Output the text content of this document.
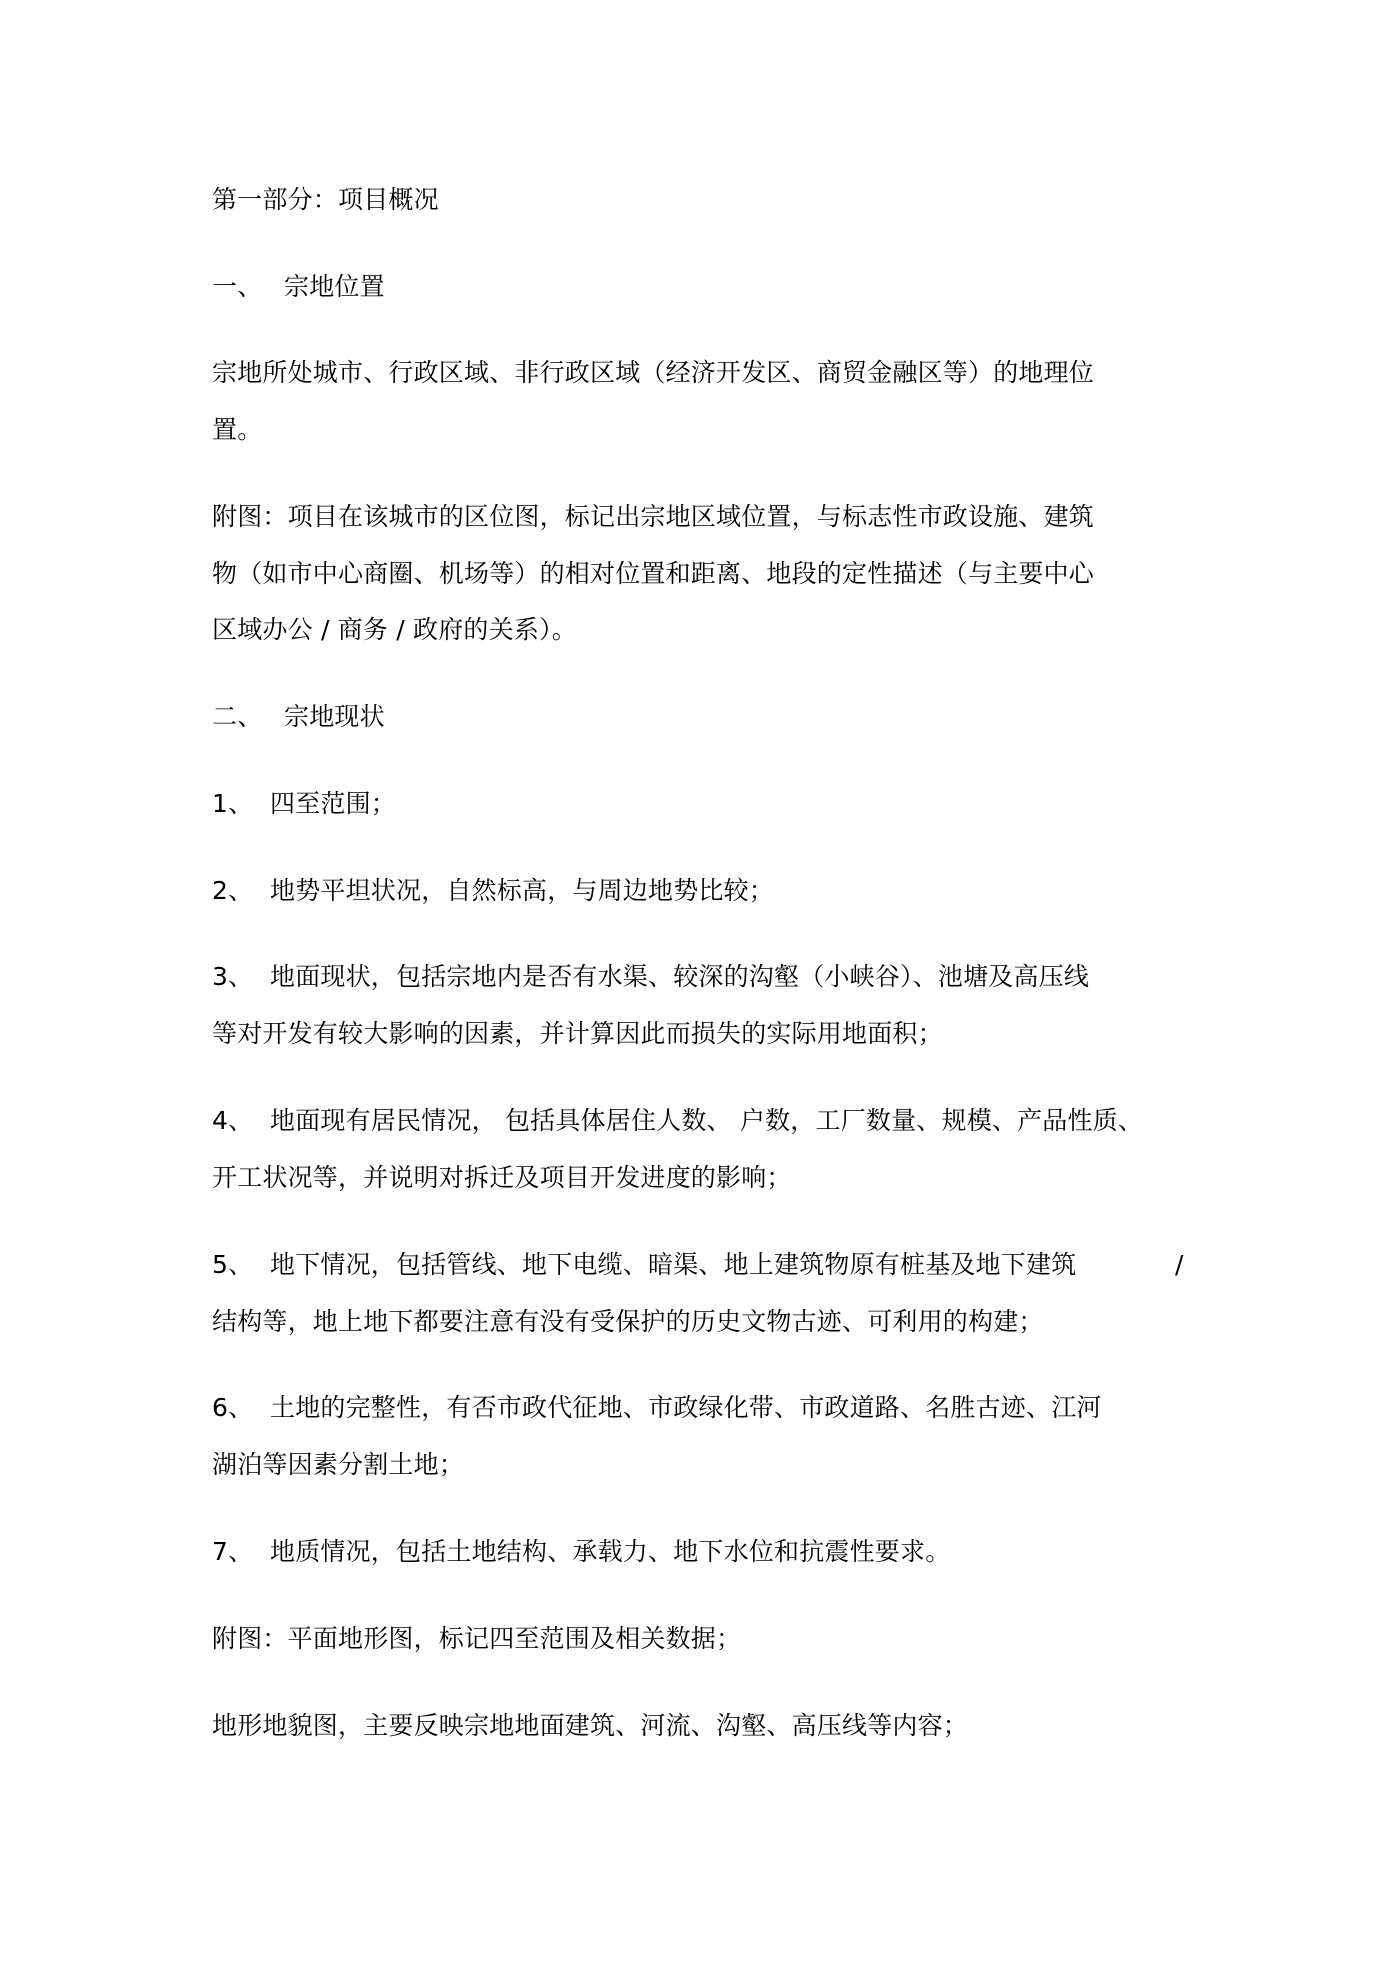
第一部分：项目概况
一、 宗地位置
宗地所处城市、行政区域、非行政区域（经济开发区、商贸金融区等）的地理位
置。
附图：项目在该城市的区位图，标记出宗地区域位置，与标志性市政设施、建筑
物（如市中心商圈、机场等）的相对位置和距离、地段的定性描述（与主要中心
区域办公 / 商务 / 政府的关系）。
二、 宗地现状
1、 四至范围；
2、 地势平坦状况，自然标高，与周边地势比较；
3、 地面现状，包括宗地内是否有水渠、较深的沟壑（小峡谷）、池塘及高压线
等对开发有较大影响的因素，并计算因此而损失的实际用地面积；
4、 地面现有居民情况， 包括具体居住人数、 户数，工厂数量、规模、产品性质、
开工状况等，并说明对拆迁及项目开发进度的影响；
5、 地下情况，包括管线、地下电缆、暗渠、地上建筑物原有桩基及地下建筑	/
结构等，地上地下都要注意有没有受保护的历史文物古迹、可利用的构建；
6、 土地的完整性，有否市政代征地、市政绿化带、市政道路、名胜古迹、江河
湖泊等因素分割土地；
7、 地质情况，包括土地结构、承载力、地下水位和抗震性要求。
附图：平面地形图，标记四至范围及相关数据；
地形地貌图，主要反映宗地地面建筑、河流、沟壑、高压线等内容；
